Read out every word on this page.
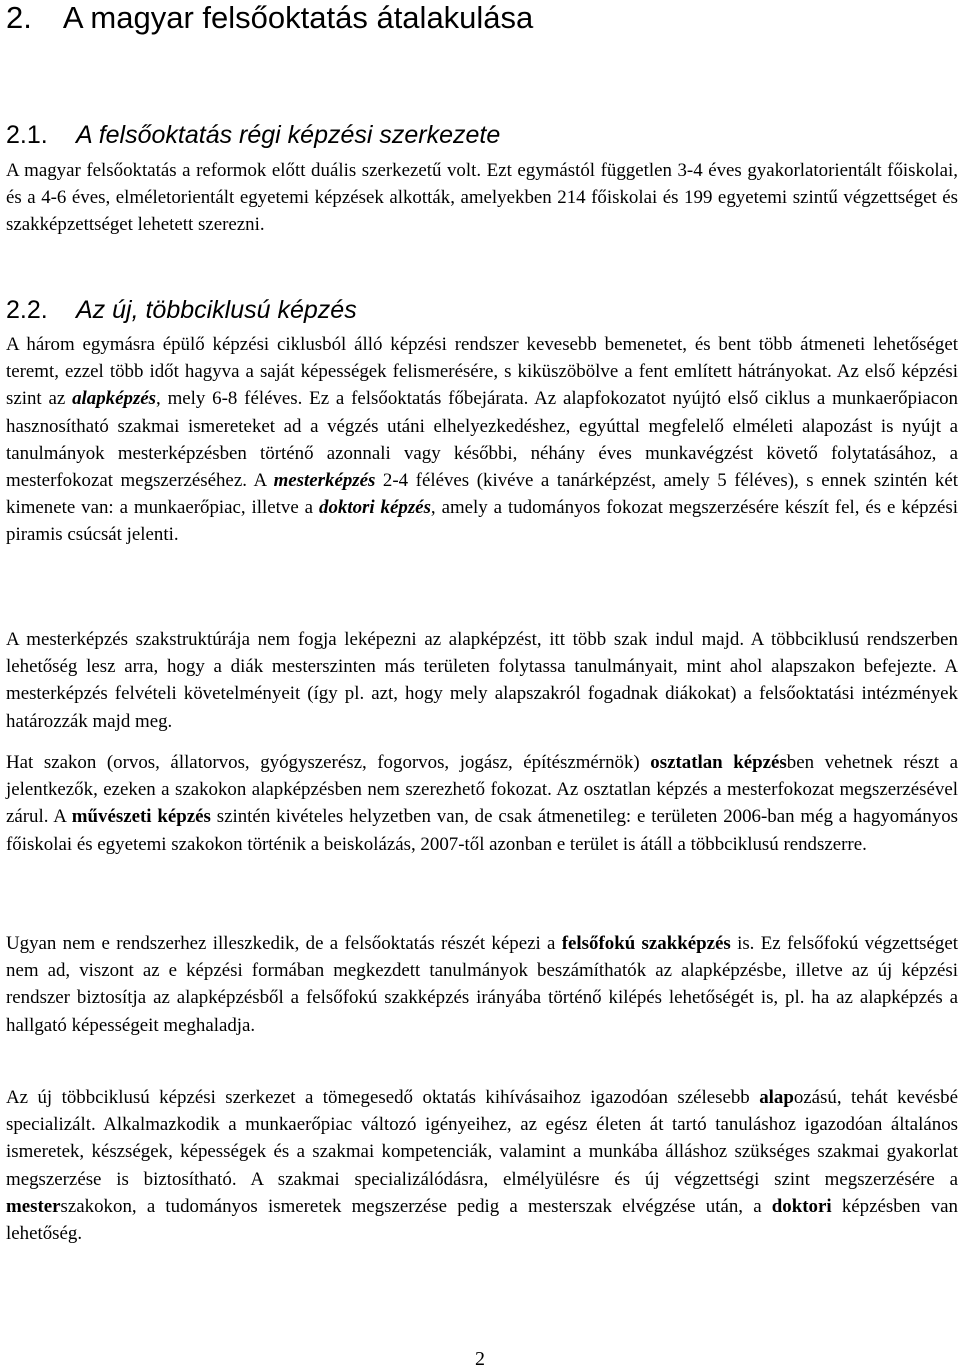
2. A magyar felsőoktatás átalakulása
2.1. A felsőoktatás régi képzési szerkezete

A magyar felsőoktatás a reformok előtt duális szerkezetű volt. Ezt egymástól független 3-4 éves gyakorlatorientált főiskolai, és a 4-6 éves, elméletorientált egyetemi képzések alkották, amelyekben 214 főiskolai és 199 egyetemi szintű végzettséget és szakképzettséget lehetett szerezni.

2.2. Az új, többciklusú képzés

A három egymásra épülő képzési ciklusból álló képzési rendszer kevesebb bemenetet, és bent több átmeneti lehetőséget teremt, ezzel több időt hagyva a saját képességek felismerésére, s kiküszöbölve a fent említett hátrányokat. Az első képzési szint az alapképzés, mely 6-8 féléves. Ez a felsőoktatás főbejárata. Az alapfokozatot nyújtó első ciklus a munkaerőpiacon hasznosítható szakmai ismereteket ad a végzés utáni elhelyezkedéshez, egyúttal megfelelő elméleti alapozást is nyújt a tanulmányok mesterképzésben történő azonnali vagy későbbi, néhány éves munkavégzést követő folytatásához, a mesterfokozat megszerzéséhez. A mesterképzés 2-4 féléves (kivéve a tanárképzést, amely 5 féléves), s ennek szintén két kimenete van: a munkaerőpiac, illetve a doktori képzés, amely a tudományos fokozat megszerzésére készít fel, és e képzési piramis csúcsát jelenti.

A mesterképzés szakstruktúrája nem fogja leképezni az alapképzést, itt több szak indul majd. A többciklusú rendszerben lehetőség lesz arra, hogy a diák mesterszinten más területen folytassa tanulmányait, mint ahol alapszakon befejezte. A mesterképzés felvételi követelményeit (így pl. azt, hogy mely alapszakról fogadnak diákokat) a felsőoktatási intézmények határozzák majd meg.

Hat szakon (orvos, állatorvos, gyógyszerész, fogorvos, jogász, építészmérnök) osztatlan képzésben vehetnek részt a jelentkezők, ezeken a szakokon alapképzésben nem szerezhető fokozat. Az osztatlan képzés a mesterfokozat megszerzésével zárul. A művészeti képzés szintén kivételes helyzetben van, de csak átmenetileg: e területen 2006-ban még a hagyományos főiskolai és egyetemi szakokon történik a beiskolázás, 2007-től azonban e terület is átáll a többciklusú rendszerre.

Ugyan nem e rendszerhez illeszkedik, de a felsőoktatás részét képezi a felsőfokú szakképzés is. Ez felsőfokú végzettséget nem ad, viszont az e képzési formában megkezdett tanulmányok beszámíthatók az alapképzésbe, illetve az új képzési rendszer biztosítja az alapképzésből a felsőfokú szakképzés irányába történő kilépés lehetőségét is, pl. ha az alapképzés a hallgató képességeit meghaladja.

Az új többciklusú képzési szerkezet a tömegesedő oktatás kihívásaihoz igazodóan szélesebb alapozású, tehát kevésbé specializált. Alkalmazkodik a munkaerőpiac változó igényeihez, az egész életen át tartó tanuláshoz igazodóan általános ismeretek, készségek, képességek és a szakmai kompetenciák, valamint a munkába álláshoz szükséges szakmai gyakorlat megszerzése is biztosítható. A szakmai specializálódásra, elmélyülésre és új végzettségi szint megszerzésére a mesterszakokon, a tudományos ismeretek megszerzése pedig a mesterszak elvégzése után, a doktori képzésben van lehetőség.

2
